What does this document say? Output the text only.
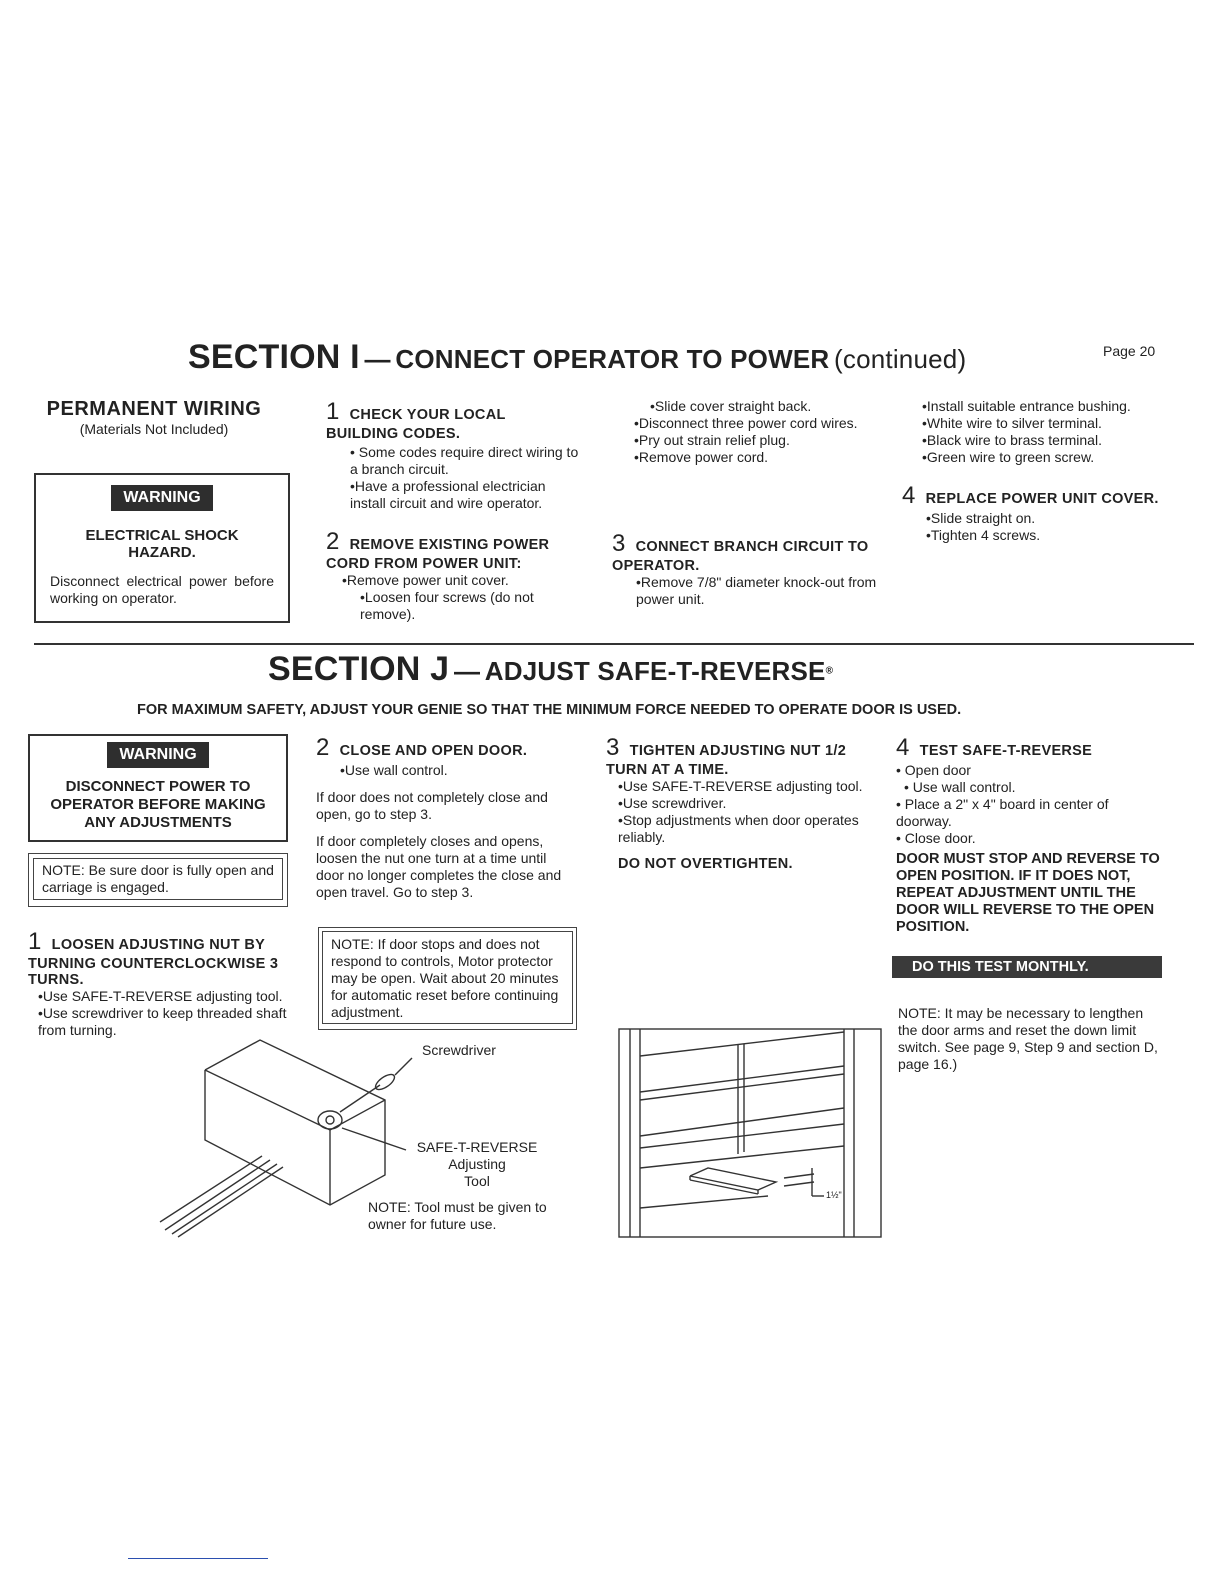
Page 20
SECTION I — CONNECT OPERATOR TO POWER (continued)
PERMANENT WIRING
(Materials Not Included)
WARNING
ELECTRICAL SHOCK
HAZARD.
Disconnect electrical power before working on operator.
1 CHECK YOUR LOCAL BUILDING CODES.
• Some codes require direct wiring to a branch circuit.
•Have a professional electrician install circuit and wire operator.
2 REMOVE EXISTING POWER CORD FROM POWER UNIT:
•Remove power unit cover.
•Loosen four screws (do not remove).
•Slide cover straight back.
•Disconnect three power cord wires.
•Pry out strain relief plug.
•Remove power cord.
3 CONNECT BRANCH CIRCUIT TO OPERATOR.
•Remove 7/8" diameter knock-out from power unit.
•Install suitable entrance bushing.
•White wire to silver terminal.
•Black wire to brass terminal.
•Green wire to green screw.
4 REPLACE POWER UNIT COVER.
•Slide straight on.
•Tighten 4 screws.
SECTION J — ADJUST SAFE-T-REVERSE®
FOR MAXIMUM SAFETY, ADJUST YOUR GENIE SO THAT THE MINIMUM FORCE NEEDED TO OPERATE DOOR IS USED.
WARNING
DISCONNECT POWER TO OPERATOR BEFORE MAKING ANY ADJUSTMENTS
NOTE: Be sure door is fully open and carriage is engaged.
1 LOOSEN ADJUSTING NUT BY TURNING COUNTERCLOCKWISE 3 TURNS.
•Use SAFE-T-REVERSE adjusting tool.
•Use screwdriver to keep threaded shaft from turning.
2 CLOSE AND OPEN DOOR.
•Use wall control.
If door does not completely close and open, go to step 3.
If door completely closes and opens, loosen the nut one turn at a time until door no longer completes the close and open travel. Go to step 3.
NOTE: If door stops and does not respond to controls, Motor protector may be open. Wait about 20 minutes for automatic reset before continuing adjustment.
3 TIGHTEN ADJUSTING NUT 1/2 TURN AT A TIME.
•Use SAFE-T-REVERSE adjusting tool.
•Use screwdriver.
•Stop adjustments when door operates reliably.
DO NOT OVERTIGHTEN.
4 TEST SAFE-T-REVERSE
• Open door
• Use wall control.
• Place a 2" x 4" board in center of doorway.
• Close door.
DOOR MUST STOP AND REVERSE TO OPEN POSITION. IF IT DOES NOT, REPEAT ADJUSTMENT UNTIL THE DOOR WILL REVERSE TO THE OPEN POSITION.
DO THIS TEST MONTHLY.
NOTE: It may be necessary to lengthen the door arms and reset the down limit switch. See page 9, Step 9 and section D, page 16.)
Screwdriver
SAFE-T-REVERSE
Adjusting
Tool
NOTE: Tool must be given to owner for future use.
1½"
